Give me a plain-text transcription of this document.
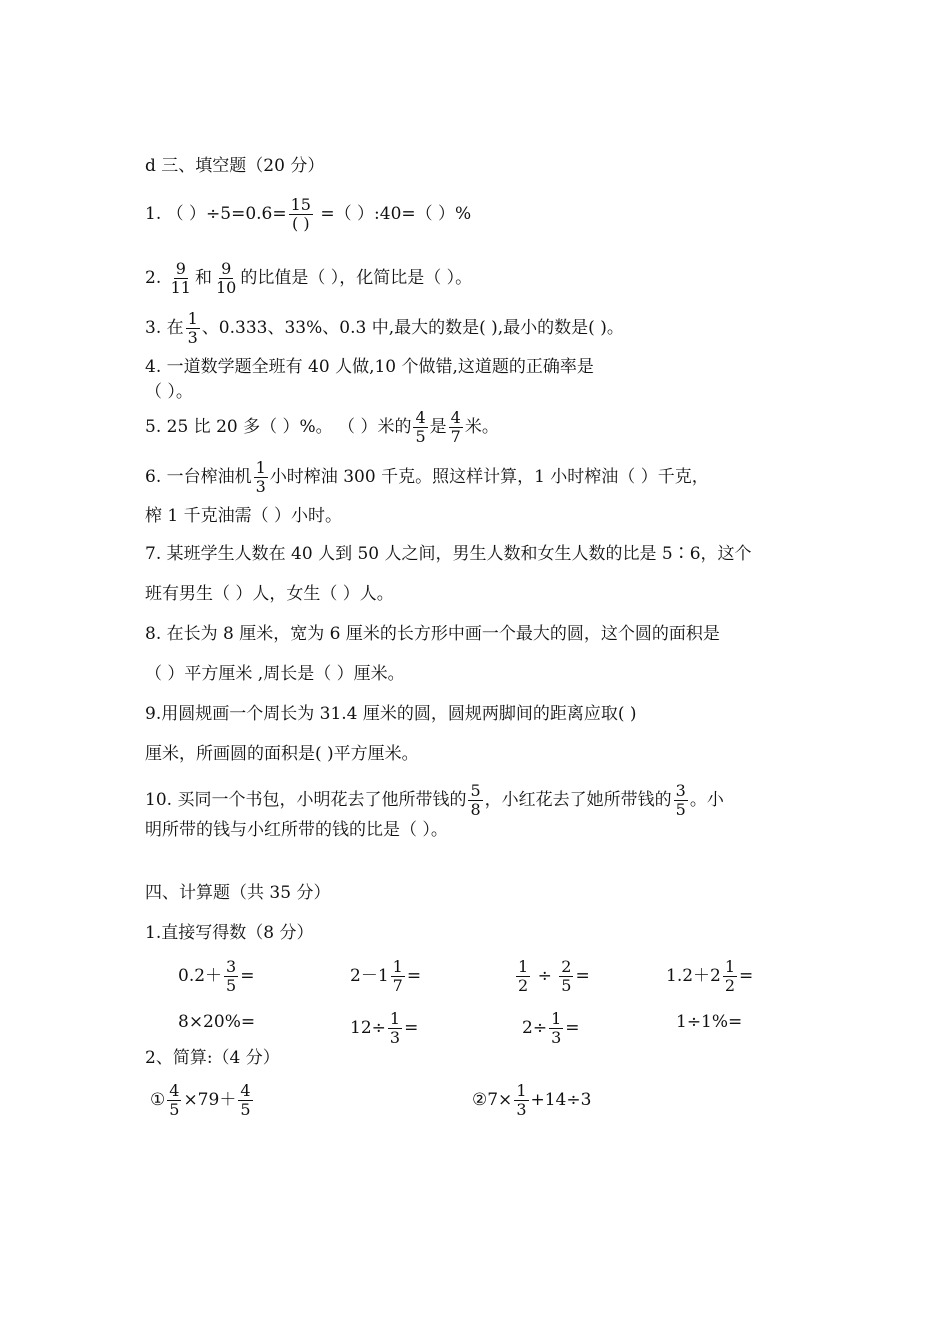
d 三、填空题（20 分）
1. （ ）$\div 5=0.6= \frac{15}{( )}$ =（ ）:40=（ ）%
2. $\frac{9}{11}$ 和 $\frac{9}{10}$ 的比值是（ ），化简比是（ ）。
3. 在 $\frac{1}{3}$ 、0.333、33%、0.3 中,最大的数是( ),最小的数是( )。
4. 一道数学题全班有 40 人做,10 个做错,这道题的正确率是
（ ）。
5. 25 比 20 多（ ）%。 （ ）米的 $\frac{4}{5}$ 是 $\frac{4}{7}$ 米。
6. 一台榨油机 $\frac{1}{3}$ 小时榨油 300 千克。照这样计算，1 小时榨油（ ）千克，
榨 1 千克油需（ ）小时。
7. 某班学生人数在 40 人到 50 人之间，男生人数和女生人数的比是 5∶6，这个
班有男生（ ）人，女生（ ）人。
8. 在长为 8 厘米，宽为 6 厘米的长方形中画一个最大的圆，这个圆的面积是
（ ）平方厘米 ,周长是（ ）厘米。
9.用圆规画一个周长为 31.4 厘米的圆，圆规两脚间的距离应取( )
厘米，所画圆的面积是( )平方厘米。
10. 买同一个书包，小明花去了他所带钱的 $\frac{5}{8}$ ，小红花去了她所带钱的 $\frac{3}{5}$ 。小
明所带的钱与小红所带的钱的比是（ ）。
四、计算题（共 35 分）
1.直接写得数（8 分）
$0.2+ \frac{3}{5}$ =	$2-1 \frac{1}{7}$ =	$\frac{1}{2} \div \frac{2}{5}$ =	$1.2+2 \frac{1}{2}$ =
8×20%=	$12\div \frac{1}{3}$ =	$2\div \frac{1}{3}$ =	1÷1%=
2、简算:（4 分）
① $\frac{4}{5} \times 79+ \frac{4}{5}$	②7× $\frac{1}{3} +14\div 3$
